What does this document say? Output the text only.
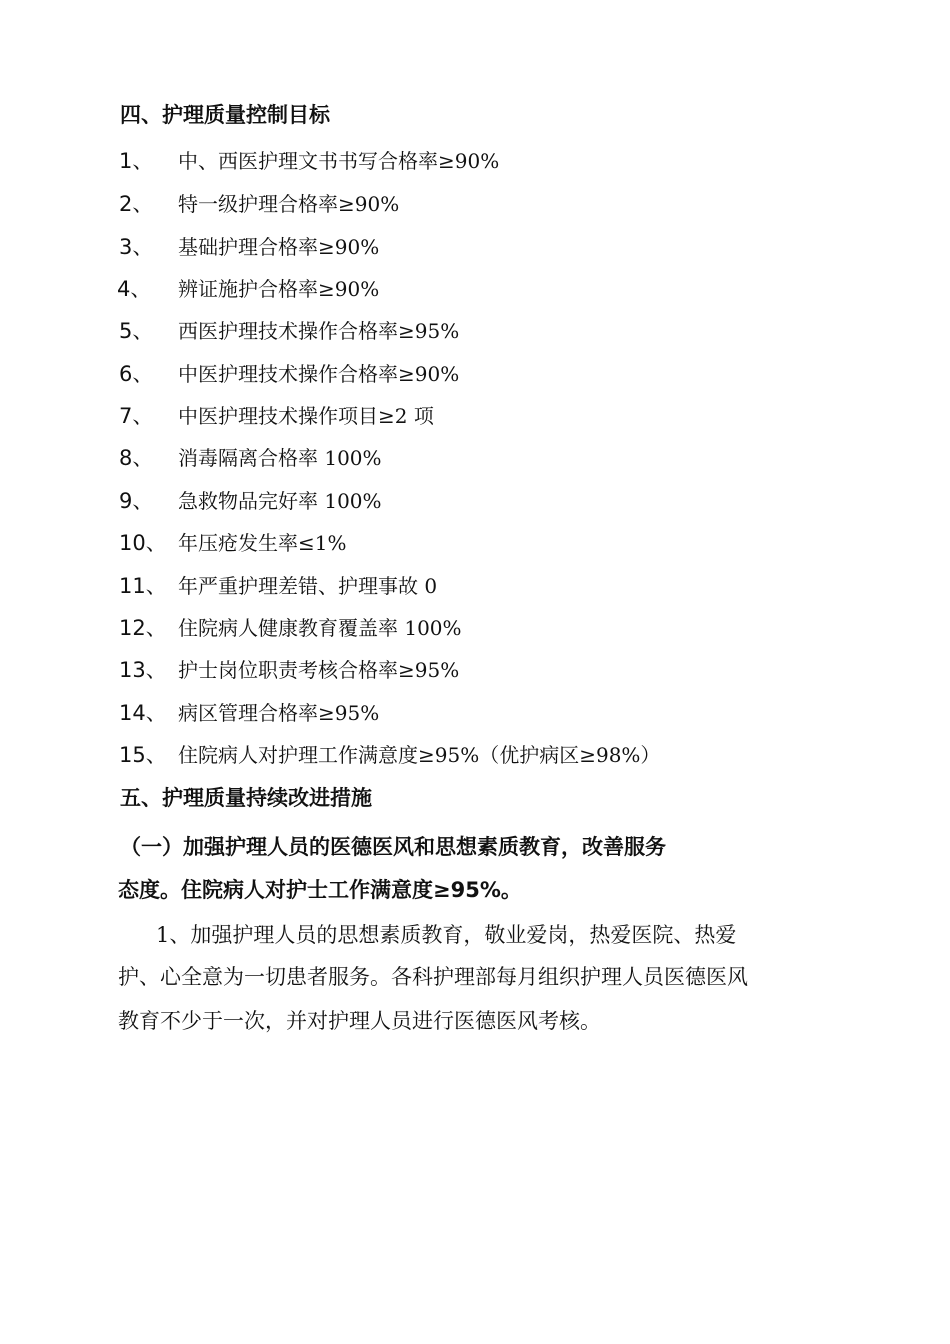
四、护理质量控制目标
1、 中、西医护理文书书写合格率≥90%
2、 特一级护理合格率≥90%
3、 基础护理合格率≥90%
4、 辨证施护合格率≥90%
5、 西医护理技术操作合格率≥95%
6、 中医护理技术操作合格率≥90%
7、 中医护理技术操作项目≥2 项
8、 消毒隔离合格率 100%
9、 急救物品完好率 100%
10、 年压疮发生率≤1%
11、 年严重护理差错、护理事故 0
12、 住院病人健康教育覆盖率 100%
13、 护士岗位职责考核合格率≥95%
14、 病区管理合格率≥95%
15、 住院病人对护理工作满意度≥95%（优护病区≥98%）
五、护理质量持续改进措施
（一）加强护理人员的医德医风和思想素质教育，改善服务
态度。住院病人对护士工作满意度≥95%。
1、加强护理人员的思想素质教育，敬业爱岗，热爱医院、热爱
护、心全意为一切患者服务。各科护理部每月组织护理人员医德医风
教育不少于一次，并对护理人员进行医德医风考核。
